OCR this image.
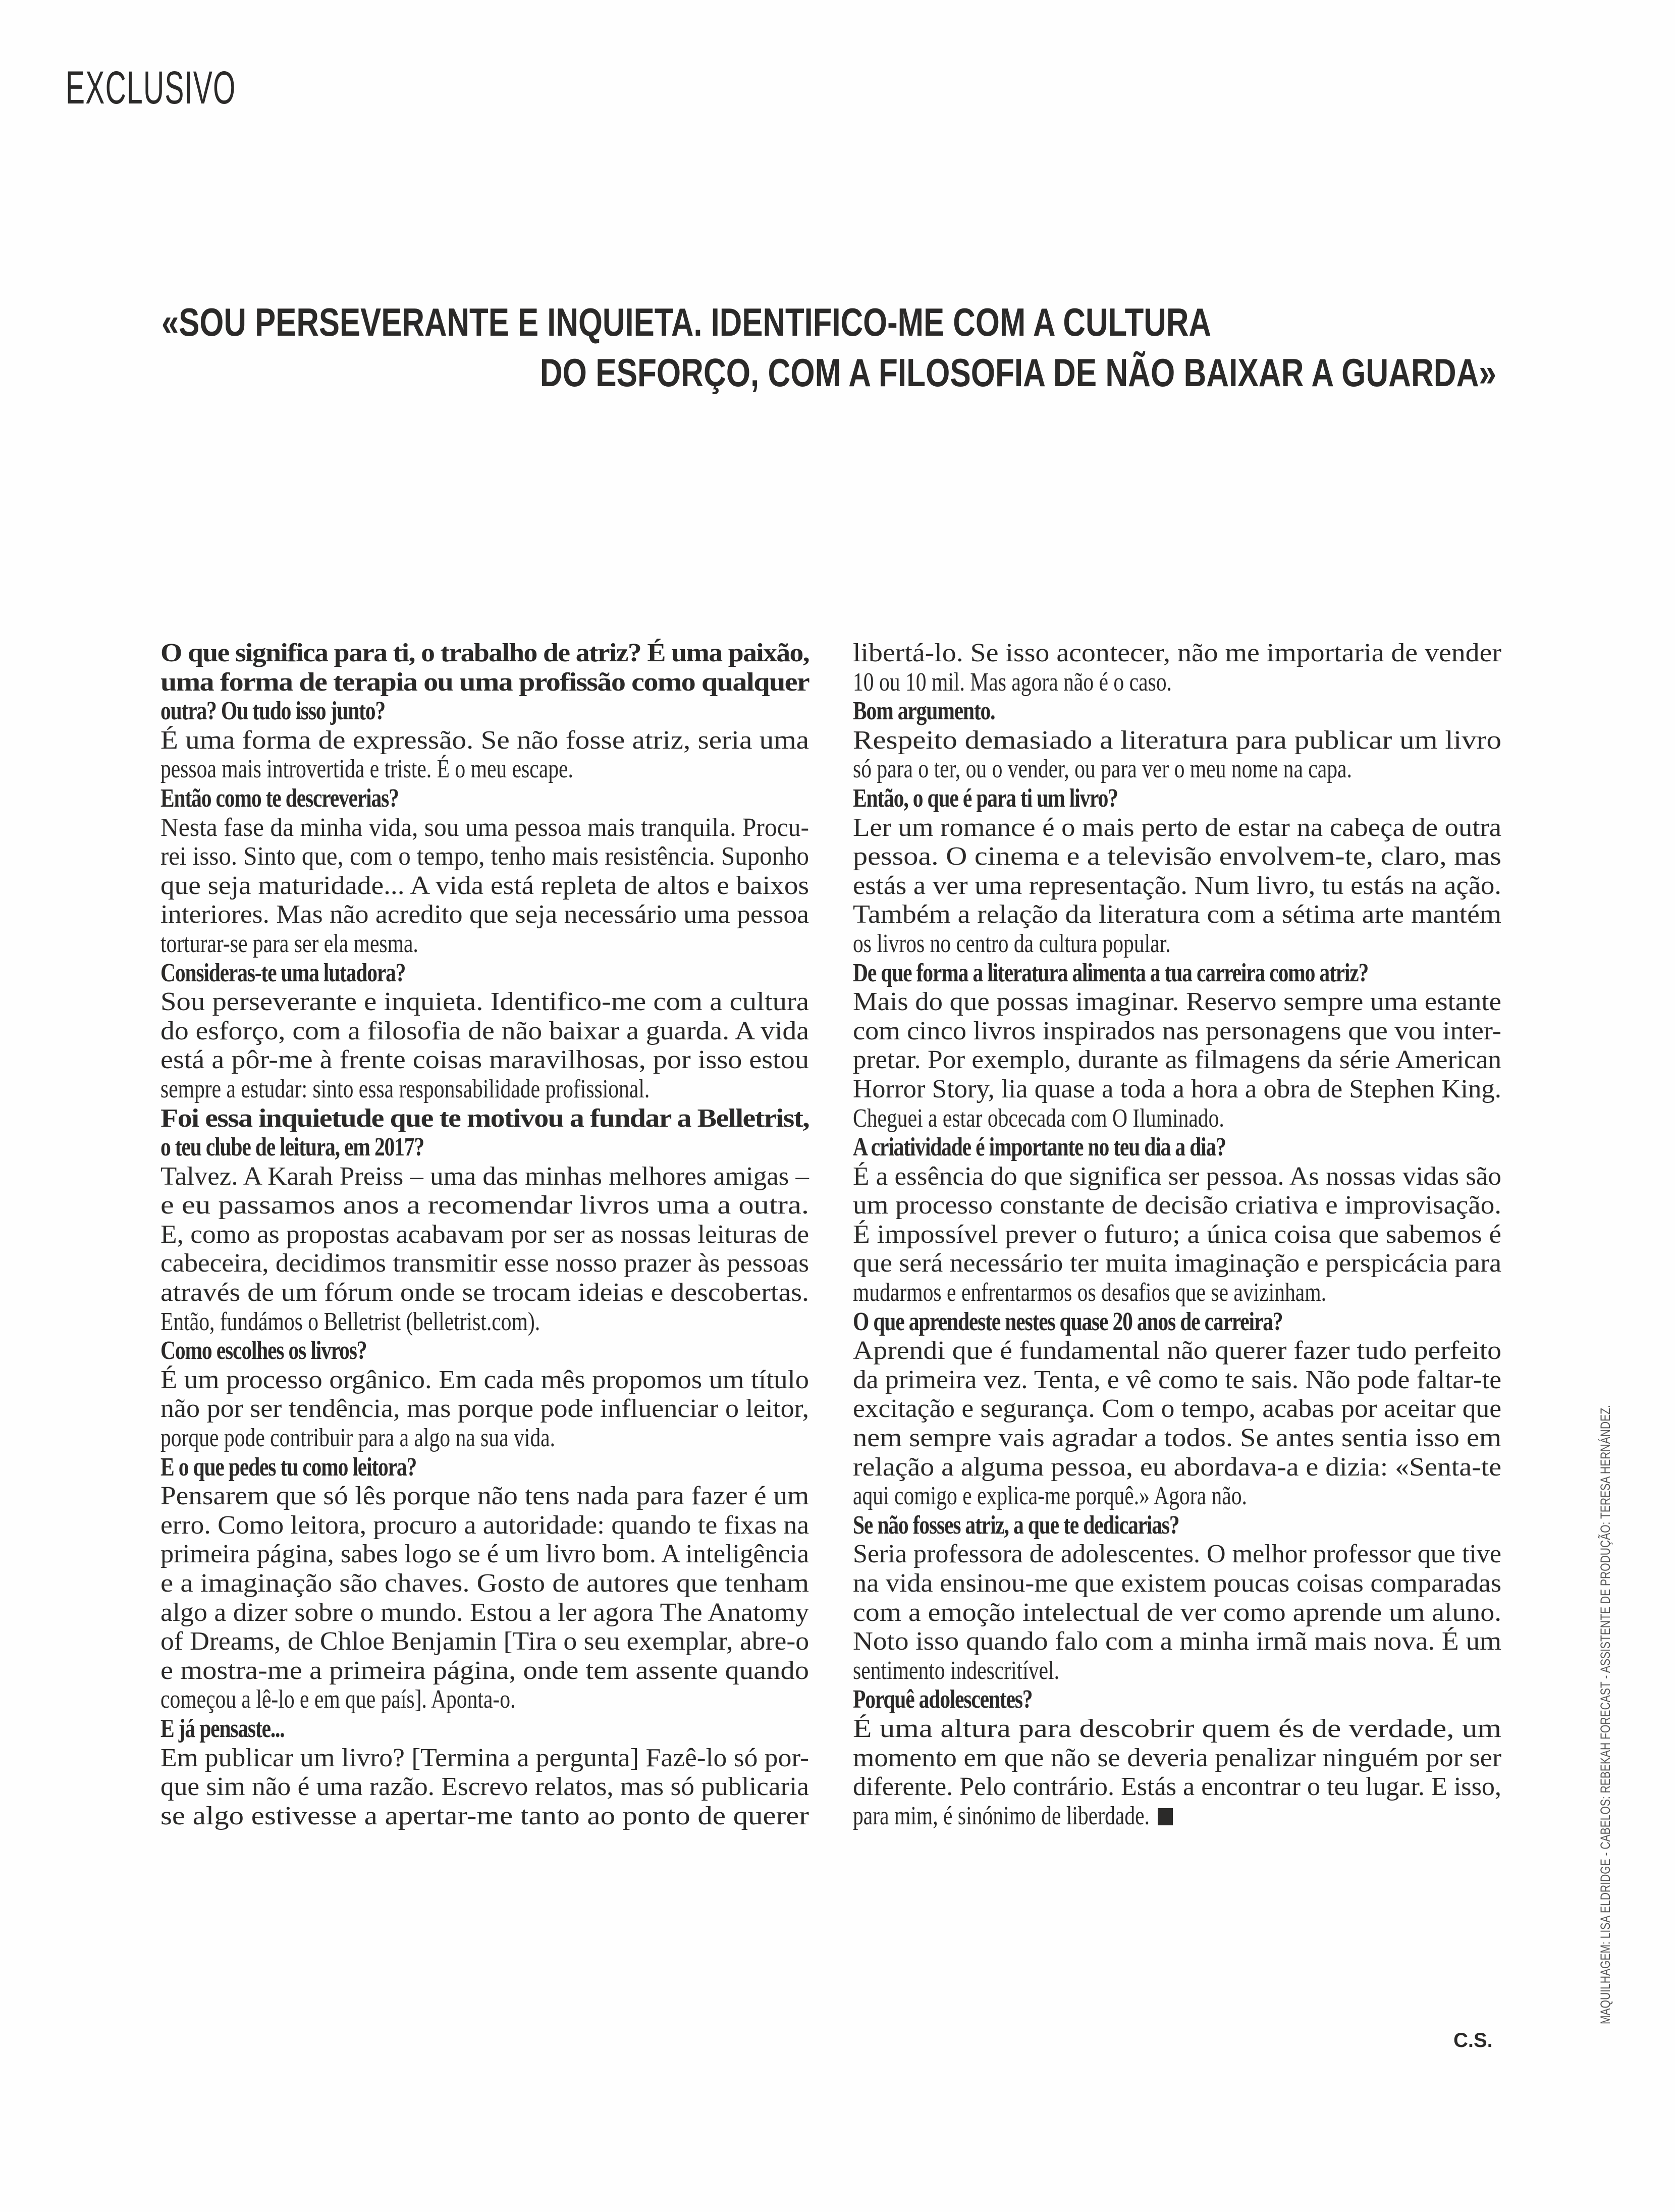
EXCLUSIVO
«SOU PERSEVERANTE E INQUIETA. IDENTIFICO-ME COM A CULTURA
DO ESFORÇO, COM A FILOSOFIA DE NÃO BAIXAR A GUARDA»
O que significa para ti, o trabalho de atriz? É uma paixão,
uma forma de terapia ou uma profissão como qualquer
outra? Ou tudo isso junto?
É uma forma de expressão. Se não fosse atriz, seria uma
pessoa mais introvertida e triste. É o meu escape.
Então como te descreverias?
Nesta fase da minha vida, sou uma pessoa mais tranquila. Procu-
rei isso. Sinto que, com o tempo, tenho mais resistência. Suponho
que seja maturidade... A vida está repleta de altos e baixos
interiores. Mas não acredito que seja necessário uma pessoa
torturar-se para ser ela mesma.
Consideras-te uma lutadora?
Sou perseverante e inquieta. Identifico-me com a cultura
do esforço, com a filosofia de não baixar a guarda. A vida
está a pôr-me à frente coisas maravilhosas, por isso estou
sempre a estudar: sinto essa responsabilidade profissional.
Foi essa inquietude que te motivou a fundar a Belletrist,
o teu clube de leitura, em 2017?
Talvez. A Karah Preiss – uma das minhas melhores amigas –
e eu passamos anos a recomendar livros uma a outra.
E, como as propostas acabavam por ser as nossas leituras de
cabeceira, decidimos transmitir esse nosso prazer às pessoas
através de um fórum onde se trocam ideias e descobertas.
Então, fundámos o Belletrist (belletrist.com).
Como escolhes os livros?
É um processo orgânico. Em cada mês propomos um título
não por ser tendência, mas porque pode influenciar o leitor,
porque pode contribuir para a algo na sua vida.
E o que pedes tu como leitora?
Pensarem que só lês porque não tens nada para fazer é um
erro. Como leitora, procuro a autoridade: quando te fixas na
primeira página, sabes logo se é um livro bom. A inteligência
e a imaginação são chaves. Gosto de autores que tenham
algo a dizer sobre o mundo. Estou a ler agora The Anatomy
of Dreams, de Chloe Benjamin [Tira o seu exemplar, abre-o
e mostra-me a primeira página, onde tem assente quando
começou a lê-lo e em que país]. Aponta-o.
E já pensaste...
Em publicar um livro? [Termina a pergunta] Fazê-lo só por-
que sim não é uma razão. Escrevo relatos, mas só publicaria
se algo estivesse a apertar-me tanto ao ponto de querer
libertá-lo. Se isso acontecer, não me importaria de vender
10 ou 10 mil. Mas agora não é o caso.
Bom argumento.
Respeito demasiado a literatura para publicar um livro
só para o ter, ou o vender, ou para ver o meu nome na capa.
Então, o que é para ti um livro?
Ler um romance é o mais perto de estar na cabeça de outra
pessoa. O cinema e a televisão envolvem-te, claro, mas
estás a ver uma representação. Num livro, tu estás na ação.
Também a relação da literatura com a sétima arte mantém
os livros no centro da cultura popular.
De que forma a literatura alimenta a tua carreira como atriz?
Mais do que possas imaginar. Reservo sempre uma estante
com cinco livros inspirados nas personagens que vou inter-
pretar. Por exemplo, durante as filmagens da série American
Horror Story, lia quase a toda a hora a obra de Stephen King.
Cheguei a estar obcecada com O Iluminado.
A criatividade é importante no teu dia a dia?
É a essência do que significa ser pessoa. As nossas vidas são
um processo constante de decisão criativa e improvisação.
É impossível prever o futuro; a única coisa que sabemos é
que será necessário ter muita imaginação e perspicácia para
mudarmos e enfrentarmos os desafios que se avizinham.
O que aprendeste nestes quase 20 anos de carreira?
Aprendi que é fundamental não querer fazer tudo perfeito
da primeira vez. Tenta, e vê como te sais. Não pode faltar-te
excitação e segurança. Com o tempo, acabas por aceitar que
nem sempre vais agradar a todos. Se antes sentia isso em
relação a alguma pessoa, eu abordava-a e dizia: «Senta-te
aqui comigo e explica-me porquê.» Agora não.
Se não fosses atriz, a que te dedicarias?
Seria professora de adolescentes. O melhor professor que tive
na vida ensinou-me que existem poucas coisas comparadas
com a emoção intelectual de ver como aprende um aluno.
Noto isso quando falo com a minha irmã mais nova. É um
sentimento indescritível.
Porquê adolescentes?
É uma altura para descobrir quem és de verdade, um
momento em que não se deveria penalizar ninguém por ser
diferente. Pelo contrário. Estás a encontrar o teu lugar. E isso,
para mim, é sinónimo de liberdade.
C.S.
MAQUILHAGEM: LISA ELDRIDGE - CABELOS: REBEKAH FORECAST - ASSISTENTE DE PRODUÇÃO: TERESA HERNÁNDEZ.
